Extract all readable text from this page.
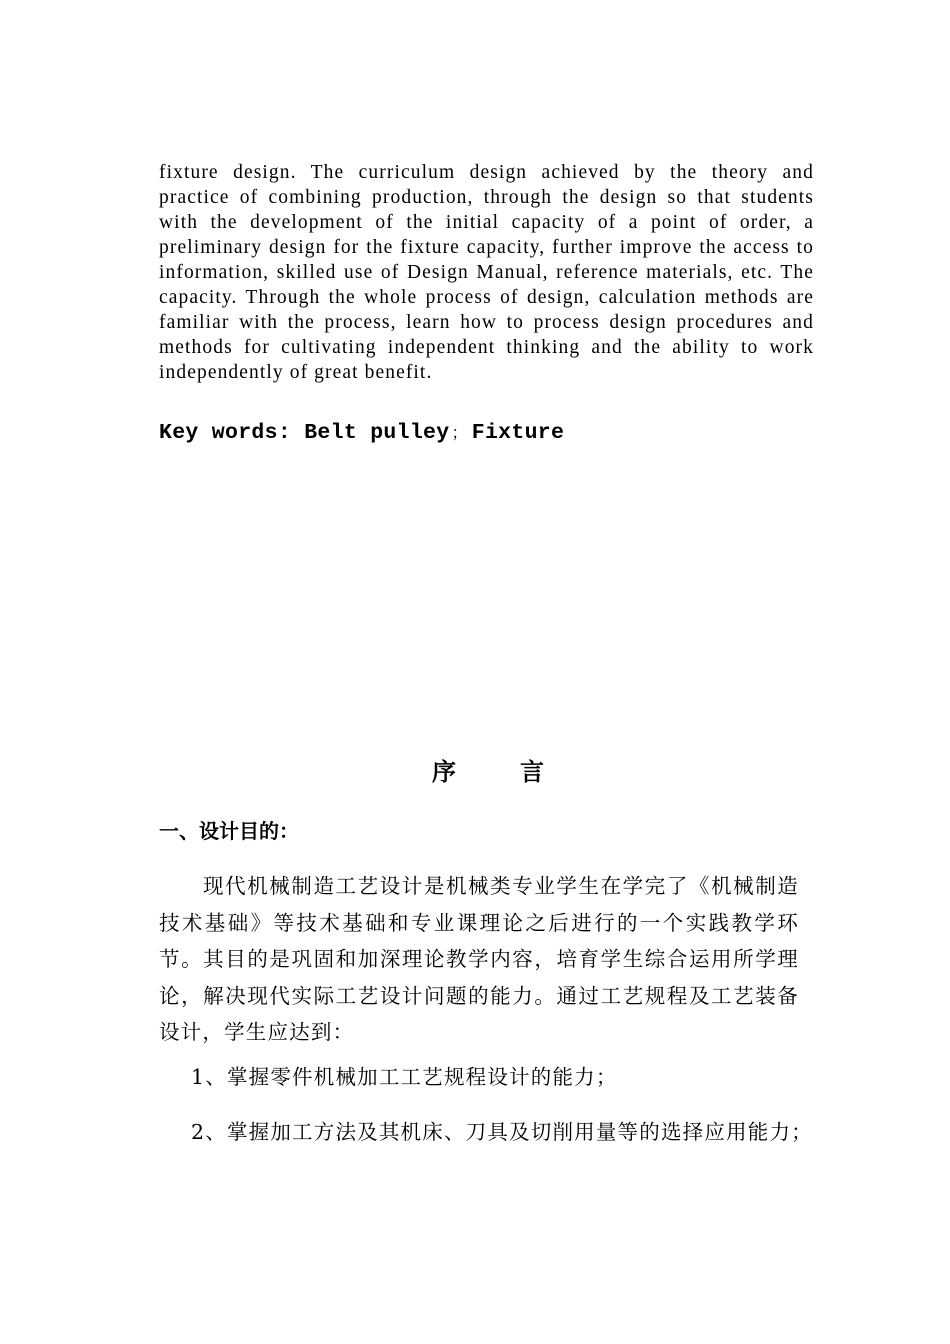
fixture design. The curriculum design achieved by the theory and practice of combining production, through the design so that students with the development of the initial capacity of a point of order, a preliminary design for the fixture capacity, further improve the access to information, skilled use of Design Manual, reference materials, etc. The capacity. Through the whole process of design, calculation methods are familiar with the process, learn how to process design procedures and methods for cultivating independent thinking and the ability to work independently of great benefit.

Key words: Belt pulley ； Fixture

序言
一、设计目的：

现代机械制造工艺设计是机械类专业学生在学完了《机械制造技术基础》等技术基础和专业课理论之后进行的一个实践教学环节。其目的是巩固和加深理论教学内容，培育学生综合运用所学理论，解决现代实际工艺设计问题的能力。通过工艺规程及工艺装备设计，学生应达到：

1、掌握零件机械加工工艺规程设计的能力；

2、掌握加工方法及其机床、刀具及切削用量等的选择应用能力；
